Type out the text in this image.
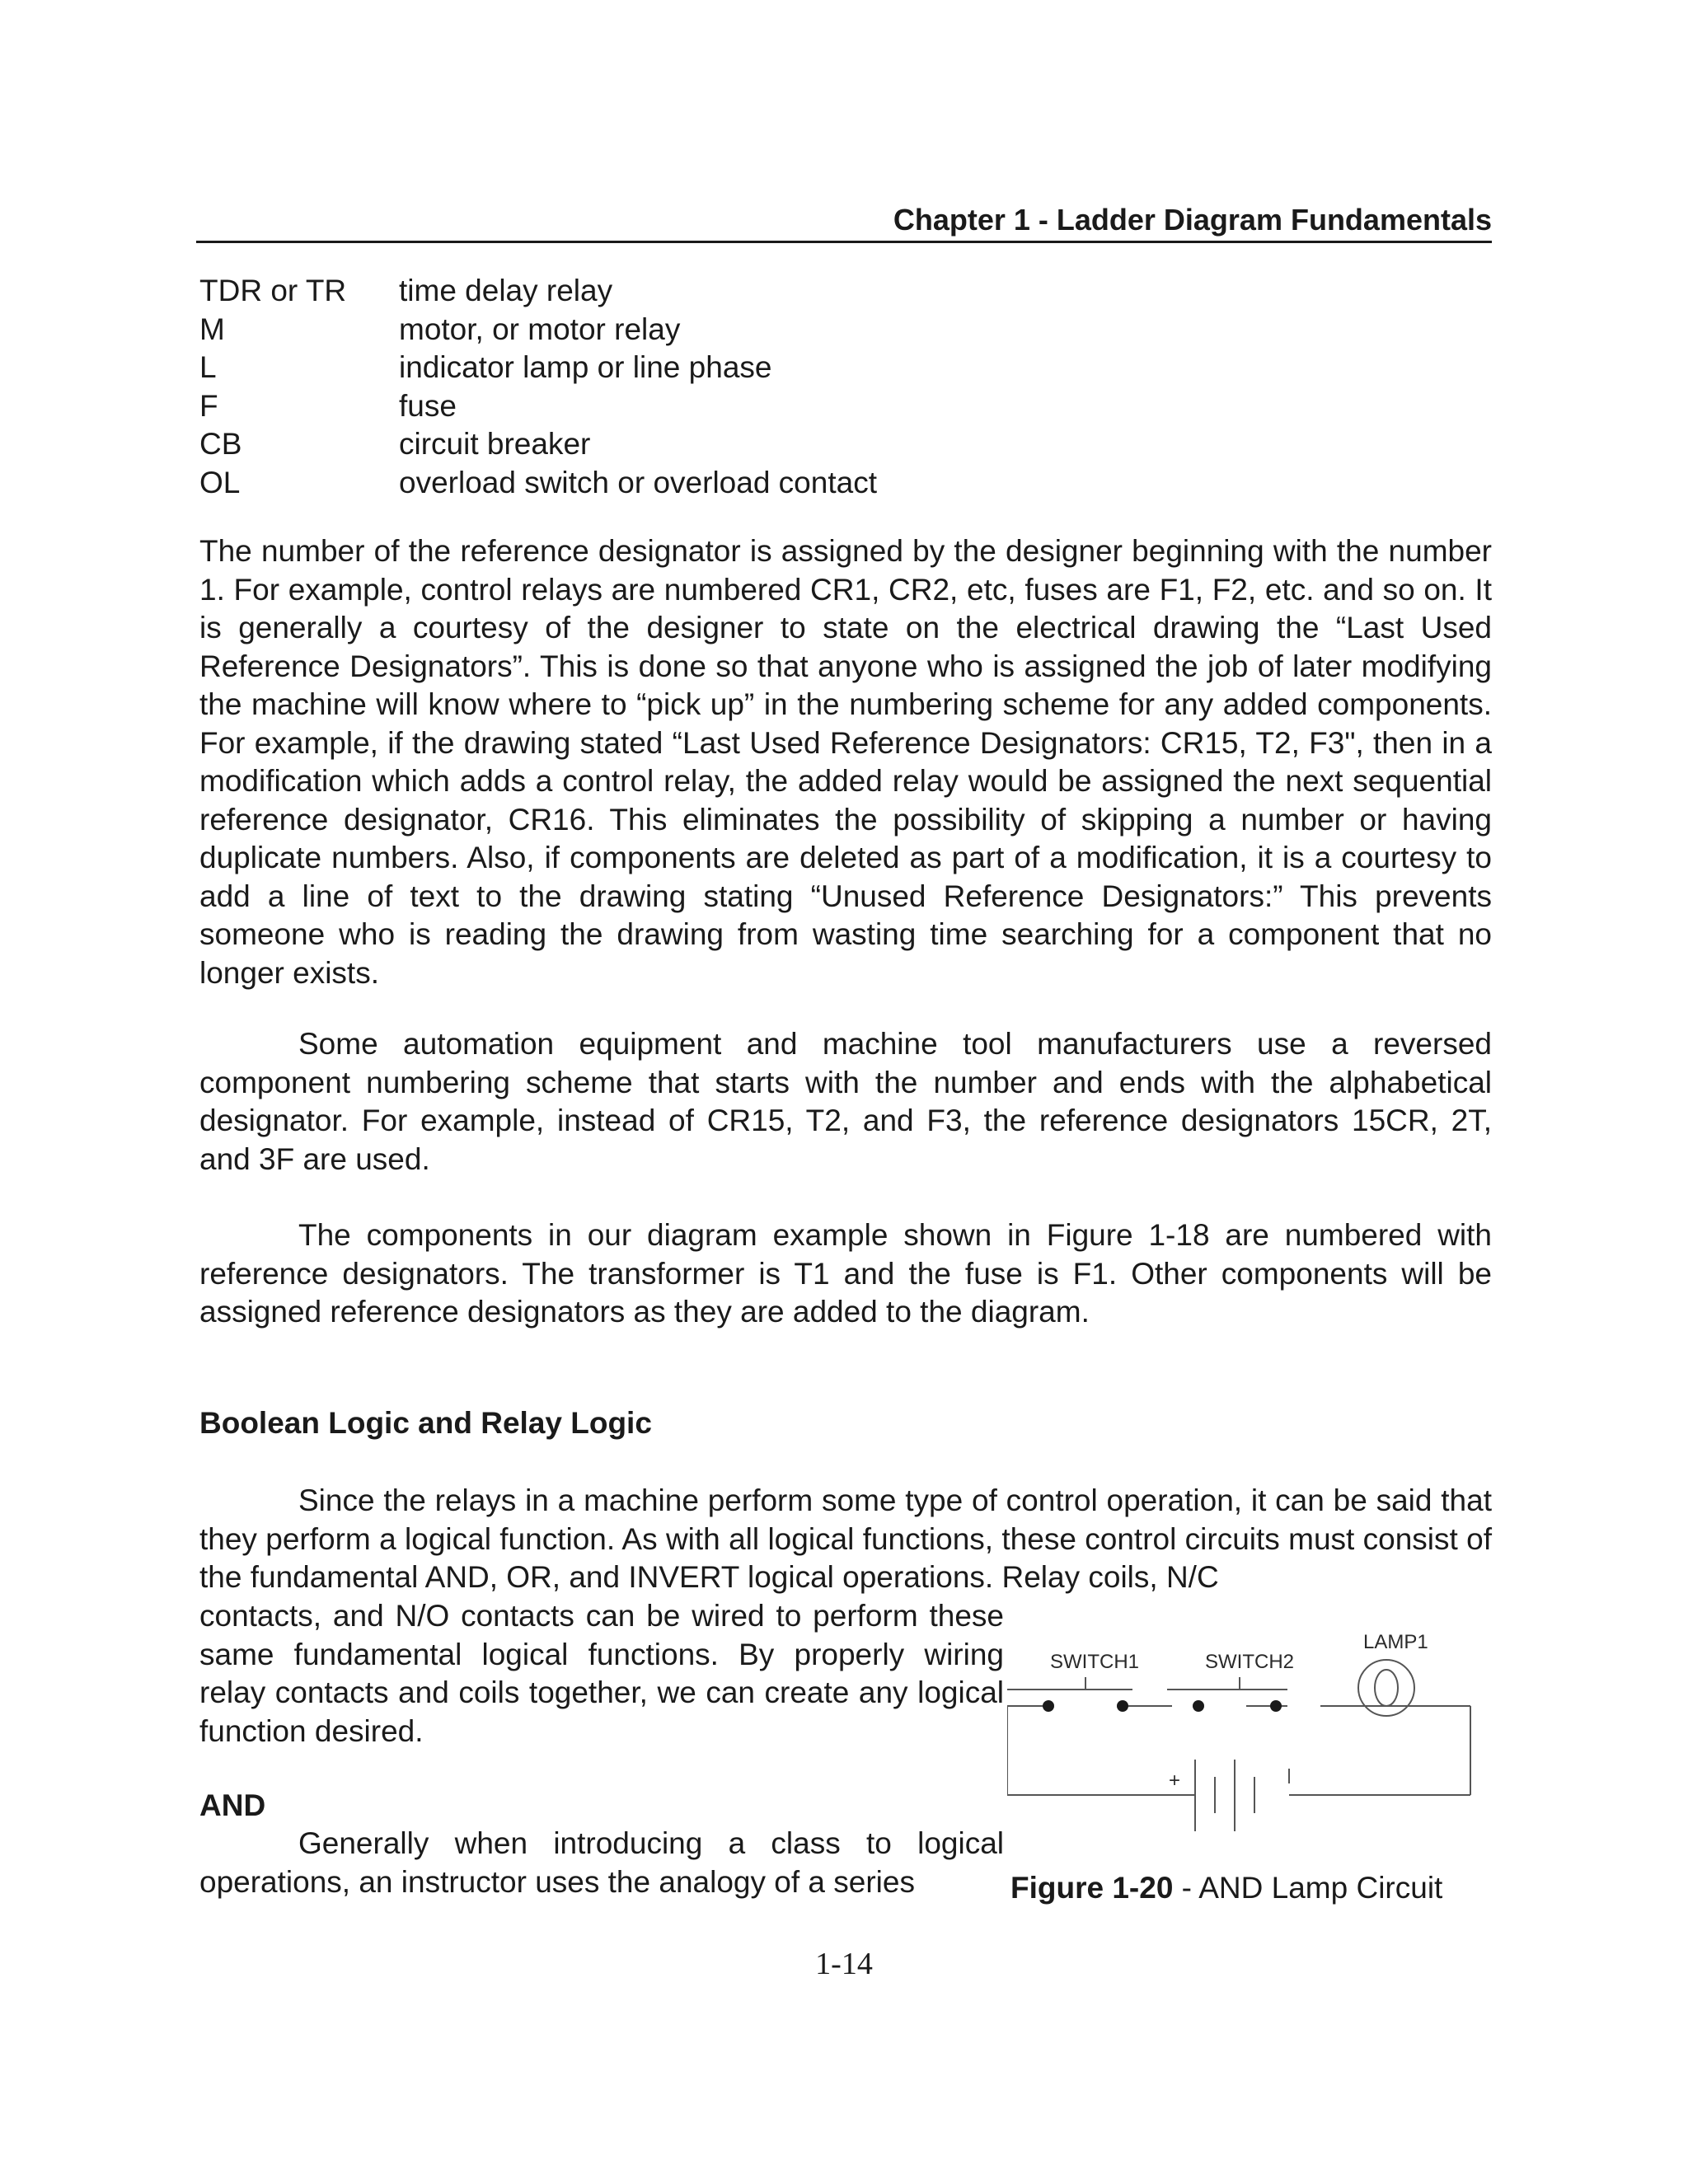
Chapter 1 - Ladder Diagram Fundamentals
TDR or TR	time delay relay
M	motor, or motor relay
L	indicator lamp or line phase
F	fuse
CB	circuit breaker
OL	overload switch or overload contact

The number of the reference designator is assigned by the designer beginning with the number 1. For example, control relays are numbered CR1, CR2, etc, fuses are F1, F2, etc. and so on. It is generally a courtesy of the designer to state on the electrical drawing the “Last Used Reference Designators”. This is done so that anyone who is assigned the job of later modifying the machine will know where to “pick up” in the numbering scheme for any added components. For example, if the drawing stated “Last Used Reference Designators: CR15, T2, F3", then in a modification which adds a control relay, the added relay would be assigned the next sequential reference designator, CR16. This eliminates the possibility of skipping a number or having duplicate numbers. Also, if components are deleted as part of a modification, it is a courtesy to add a line of text to the drawing stating “Unused Reference Designators:” This prevents someone who is reading the drawing from wasting time searching for a component that no longer exists.

Some automation equipment and machine tool manufacturers use a reversed component numbering scheme that starts with the number and ends with the alphabetical designator. For example, instead of CR15, T2, and F3, the reference designators 15CR, 2T, and 3F are used.

The components in our diagram example shown in Figure 1-18 are numbered with reference designators. The transformer is T1 and the fuse is F1. Other components will be assigned reference designators as they are added to the diagram.

Boolean Logic and Relay Logic

Since the relays in a machine perform some type of control operation, it can be said that they perform a logical function. As with all logical functions, these control circuits must consist of the fundamental AND, OR, and INVERT logical operations. Relay coils, N/C

contacts, and N/O contacts can be wired to perform these same fundamental logical functions. By properly wiring relay contacts and coils together, we can create any logical function desired.

AND

Generally when introducing a class to logical operations, an instructor uses the analogy of a series

SWITCH1	SWITCH2
LAMP1
+
Figure 1-20 - AND Lamp Circuit
1-14
